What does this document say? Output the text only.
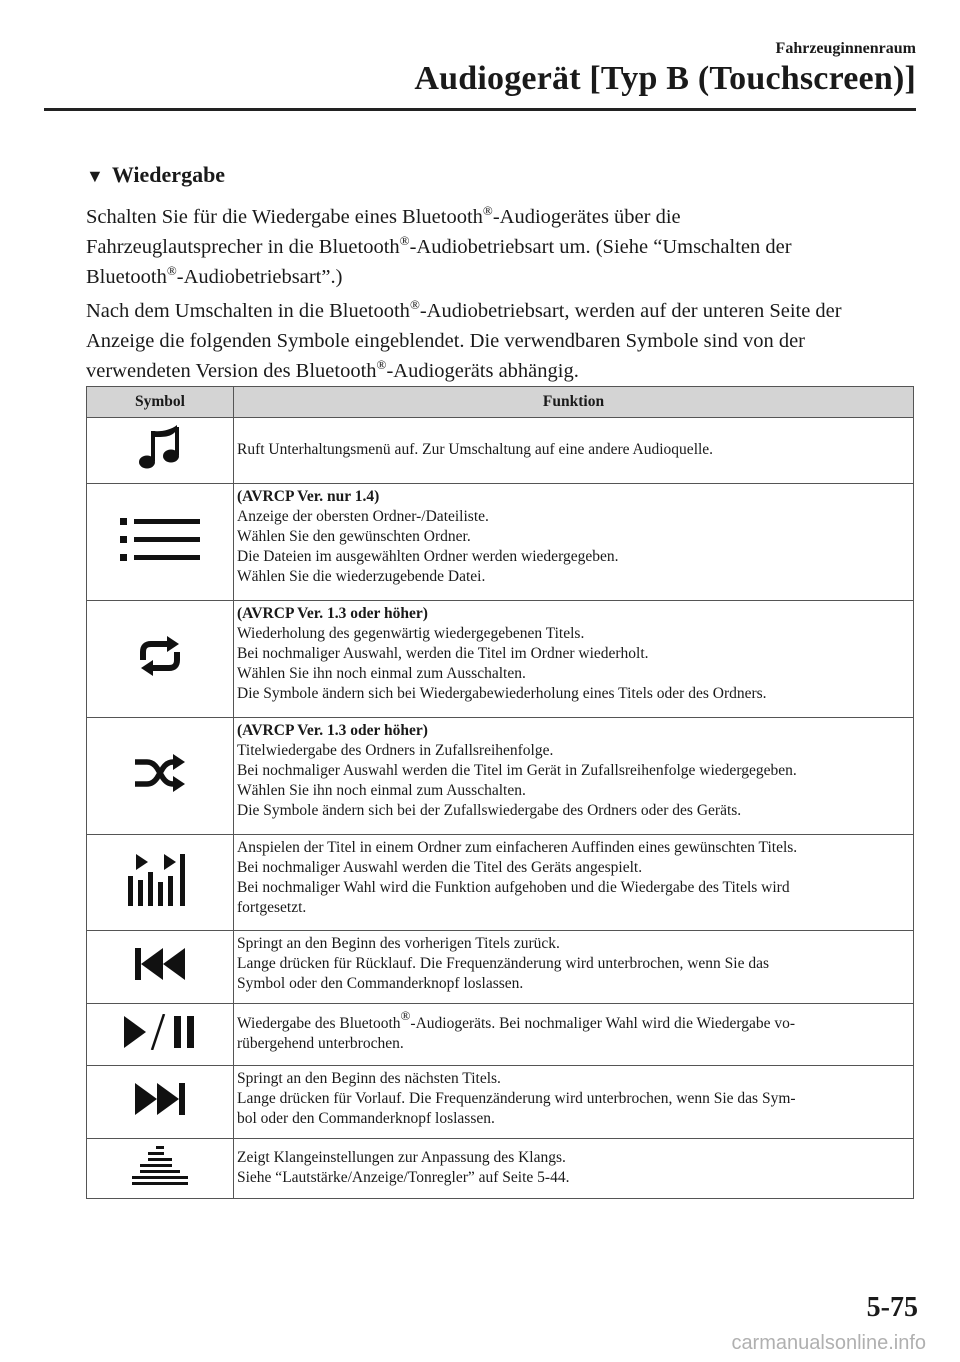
Fahrzeuginnenraum
Audiogerät [Typ B (Touchscreen)]
▼ Wiedergabe

Schalten Sie für die Wiedergabe eines Bluetooth®-Audiogerätes über die
Fahrzeuglautsprecher in die Bluetooth®-Audiobetriebsart um. (Siehe “Umschalten der
Bluetooth®-Audiobetriebsart”.)

Nach dem Umschalten in die Bluetooth®-Audiobetriebsart, werden auf der unteren Seite der
Anzeige die folgenden Symbole eingeblendet. Die verwendbaren Symbole sind von der
verwendeten Version des Bluetooth®-Audiogeräts abhängig.

Symbol	Funktion

Ruft Unterhaltungsmenü auf. Zur Umschaltung auf eine andere Audioquelle.

(AVRCP Ver. nur 1.4)
Anzeige der obersten Ordner-/Dateiliste.
Wählen Sie den gewünschten Ordner.
Die Dateien im ausgewählten Ordner werden wiedergegeben.
Wählen Sie die wiederzugebende Datei.

(AVRCP Ver. 1.3 oder höher)
Wiederholung des gegenwärtig wiedergegebenen Titels.
Bei nochmaliger Auswahl, werden die Titel im Ordner wiederholt.
Wählen Sie ihn noch einmal zum Ausschalten.
Die Symbole ändern sich bei Wiedergabewiederholung eines Titels oder des Ordners.

(AVRCP Ver. 1.3 oder höher)
Titelwiedergabe des Ordners in Zufallsreihenfolge.
Bei nochmaliger Auswahl werden die Titel im Gerät in Zufallsreihenfolge wiedergegeben.
Wählen Sie ihn noch einmal zum Ausschalten.
Die Symbole ändern sich bei der Zufallswiedergabe des Ordners oder des Geräts.

Anspielen der Titel in einem Ordner zum einfacheren Auffinden eines gewünschten Titels.
Bei nochmaliger Auswahl werden die Titel des Geräts angespielt.
Bei nochmaliger Wahl wird die Funktion aufgehoben und die Wiedergabe des Titels wird
fortgesetzt.

Springt an den Beginn des vorherigen Titels zurück.
Lange drücken für Rücklauf. Die Frequenzänderung wird unterbrochen, wenn Sie das
Symbol oder den Commanderknopf loslassen.

Wiedergabe des Bluetooth®-Audiogeräts. Bei nochmaliger Wahl wird die Wiedergabe vo-
rübergehend unterbrochen.

Springt an den Beginn des nächsten Titels.
Lange drücken für Vorlauf. Die Frequenzänderung wird unterbrochen, wenn Sie das Sym-
bol oder den Commanderknopf loslassen.

Zeigt Klangeinstellungen zur Anpassung des Klangs.
Siehe “Lautstärke/Anzeige/Tonregler” auf Seite 5-44.
5-75
carmanualsonline.info
